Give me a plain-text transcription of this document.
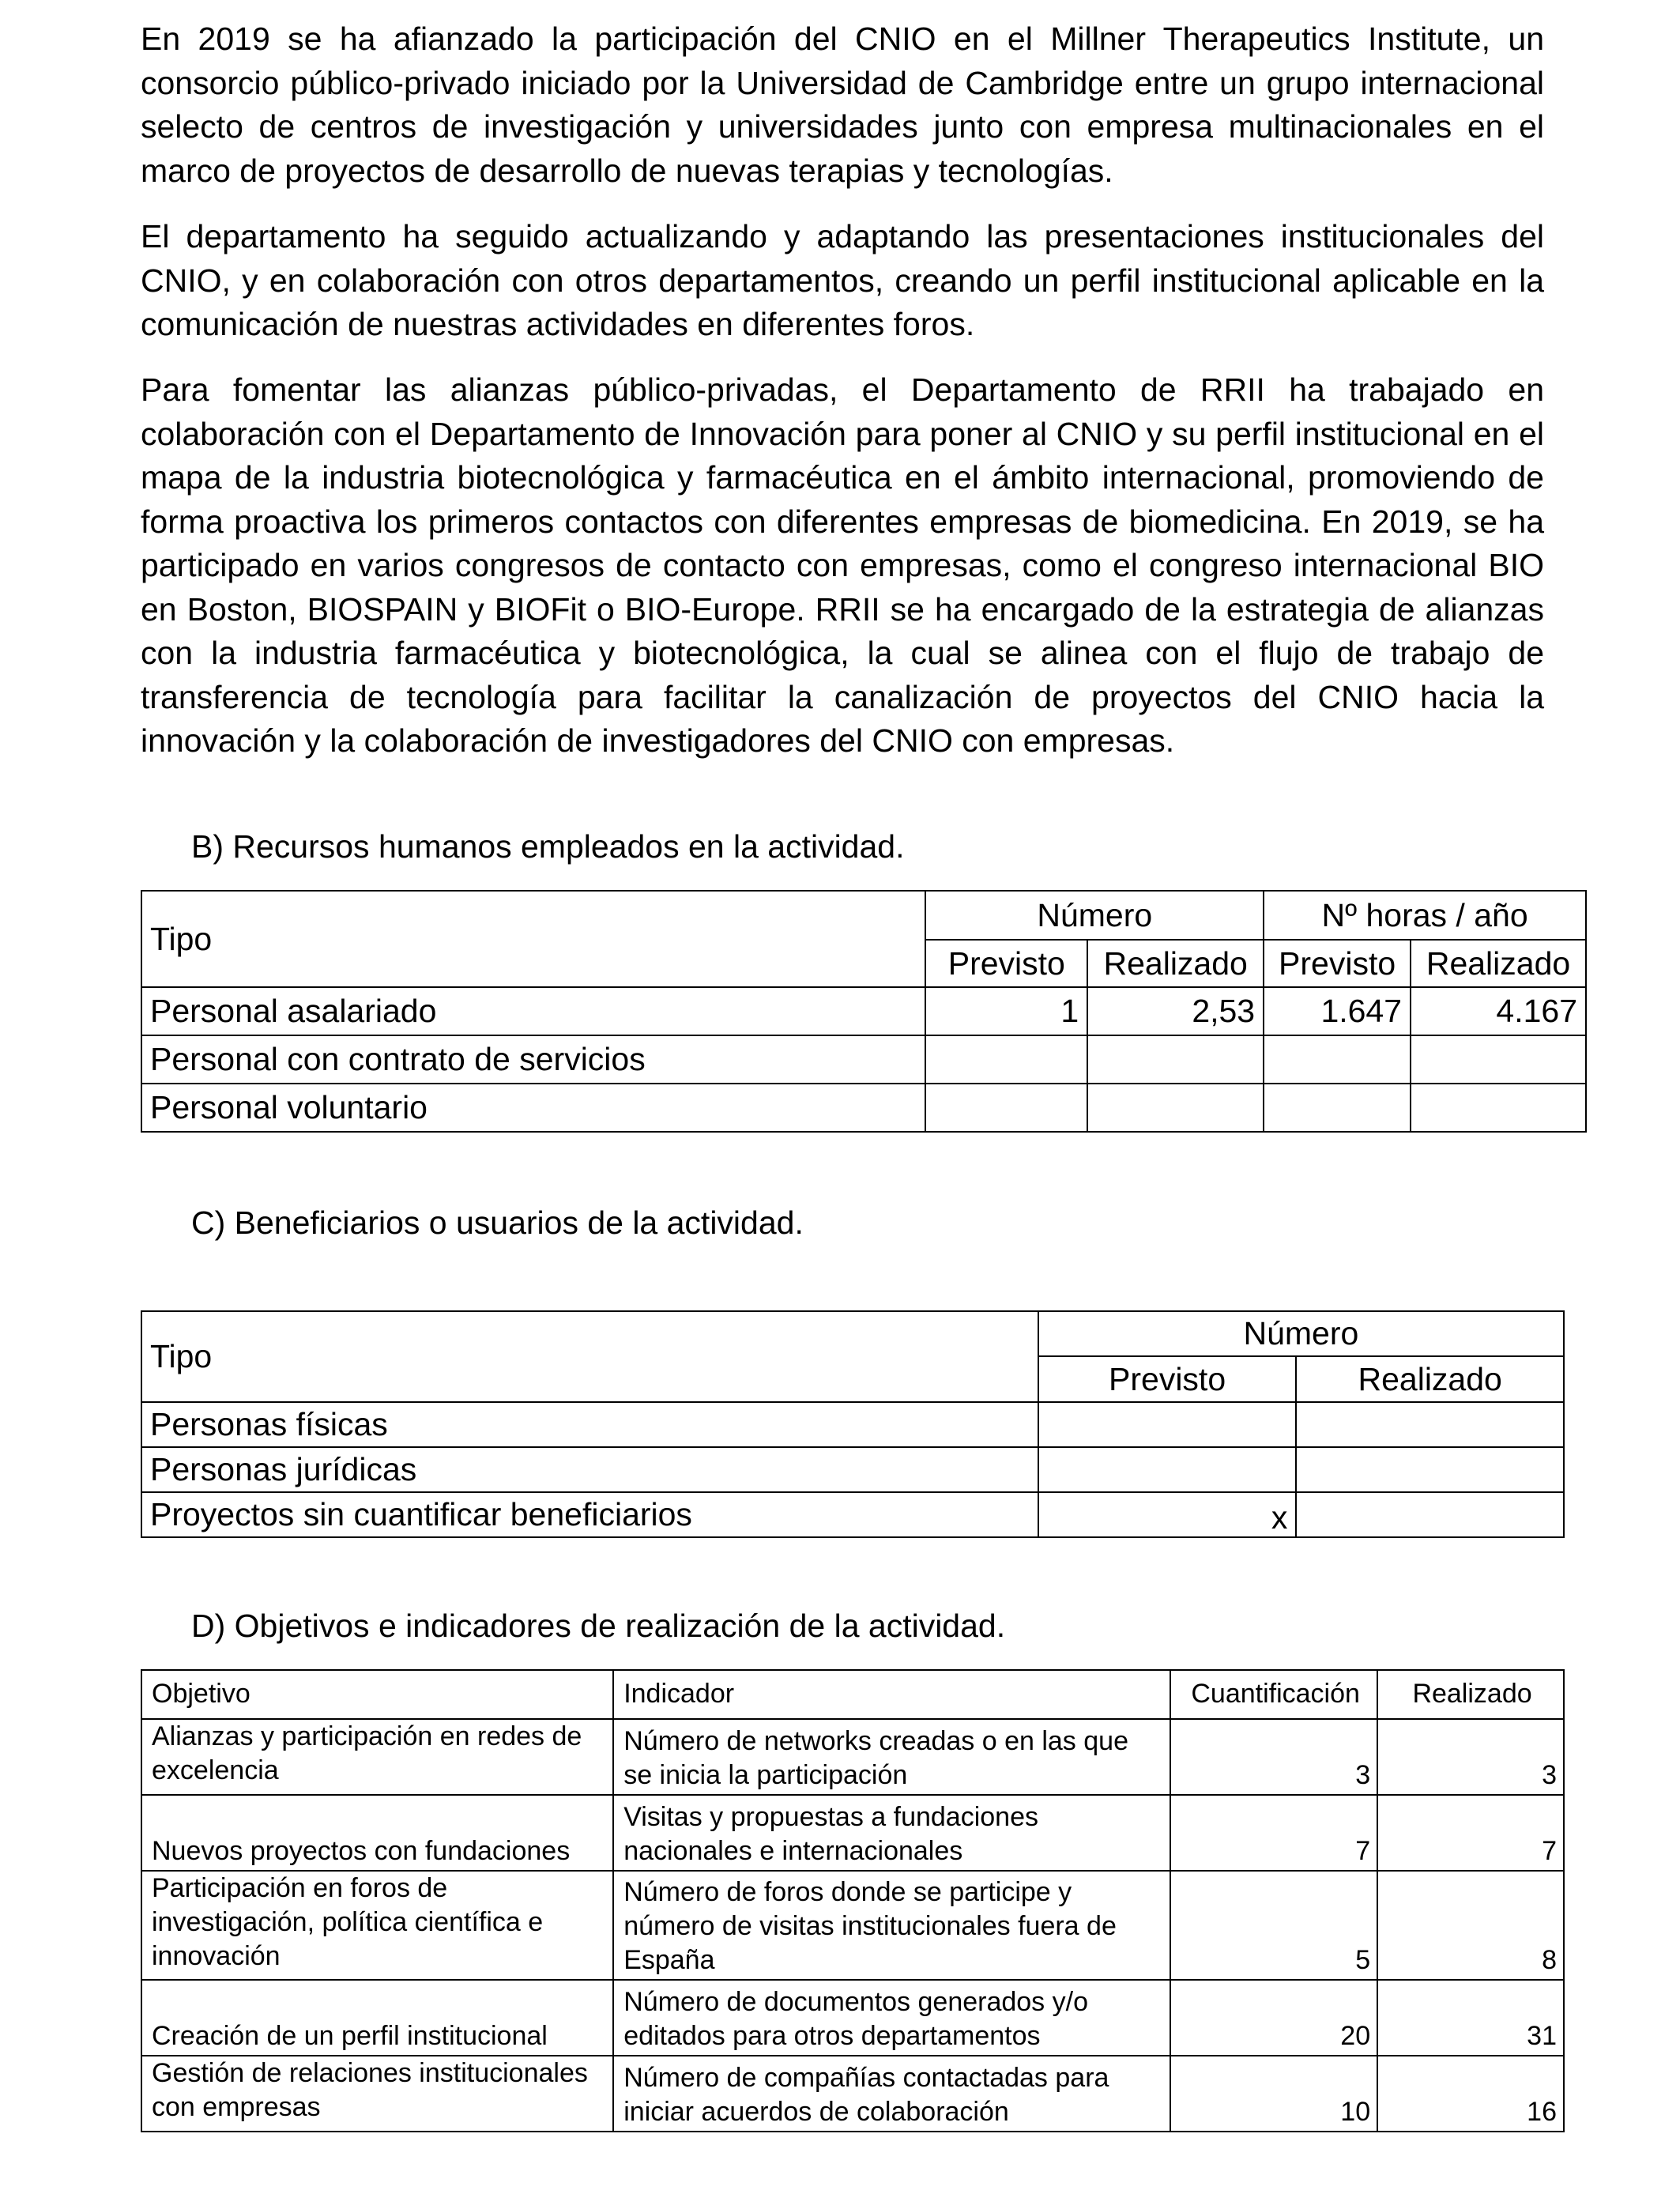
En 2019 se ha afianzado la participación del CNIO en el Millner Therapeutics Institute, un consorcio público-privado iniciado por la Universidad de Cambridge entre un grupo internacional selecto de centros de investigación y universidades junto con empresa multinacionales en el marco de proyectos de desarrollo de nuevas terapias y tecnologías.

El departamento ha seguido actualizando y adaptando las presentaciones institucionales del CNIO, y en colaboración con otros departamentos, creando un perfil institucional aplicable en la comunicación de nuestras actividades en diferentes foros.

Para fomentar las alianzas público-privadas, el Departamento de RRII ha trabajado en colaboración con el Departamento de Innovación para poner al CNIO y su perfil institucional en el mapa de la industria biotecnológica y farmacéutica en el ámbito internacional, promoviendo de forma proactiva los primeros contactos con diferentes empresas de biomedicina. En 2019, se ha participado en varios congresos de contacto con empresas, como el congreso internacional BIO en Boston, BIOSPAIN y BIOFit o BIO-Europe. RRII se ha encargado de la estrategia de alianzas con la industria farmacéutica y biotecnológica, la cual se alinea con el flujo de trabajo de transferencia de tecnología para facilitar la canalización de proyectos del CNIO hacia la innovación y la colaboración de investigadores del CNIO con empresas.

B) Recursos humanos empleados en la actividad.

Tipo	Número		Nº horas / año	
	Previsto	Realizado	Previsto	Realizado
Personal asalariado	1	2,53	1.647	4.167
Personal con contrato de servicios				
Personal voluntario				

C) Beneficiarios o usuarios de la actividad.

Tipo	Número	
	Previsto	Realizado
Personas físicas		
Personas jurídicas		
Proyectos sin cuantificar beneficiarios	x	

D) Objetivos e indicadores de realización de la actividad.

Objetivo	Indicador	Cuantificación	Realizado
Alianzas y participación en redes de excelencia	Número de networks creadas o en las que se inicia la participación	3	3
Nuevos proyectos con fundaciones	Visitas y propuestas a fundaciones nacionales e internacionales	7	7
Participación en foros de investigación, política científica e innovación	Número de foros donde se participe y número de visitas institucionales fuera de España	5	8
Creación de un perfil institucional	Número de documentos generados y/o editados para otros departamentos	20	31
Gestión de relaciones institucionales con empresas	Número de compañías contactadas para iniciar acuerdos de colaboración	10	16
